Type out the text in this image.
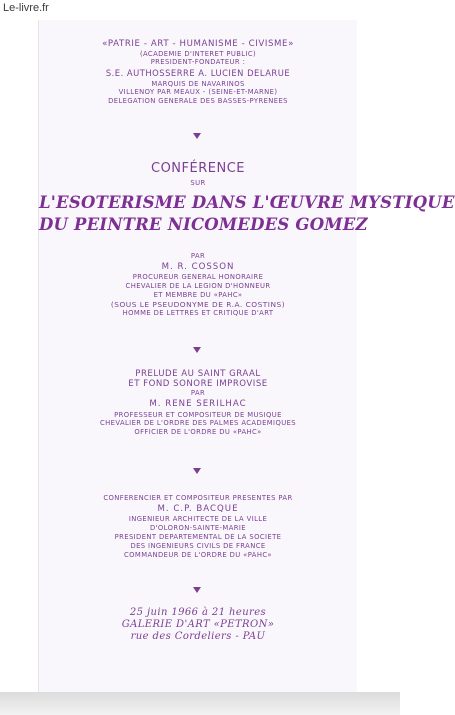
Le-livre.fr
«PATRIE - ART - HUMANISME - CIVISME»
(ACADEMIE D'INTERET PUBLIC)
PRESIDENT-FONDATEUR :
S.E. AUTHOSSERRE A. LUCIEN DELARUE
MARQUIS DE NAVARINOS
VILLENOY PAR MEAUX - (SEINE-ET-MARNE)
DELEGATION GENERALE DES BASSES-PYRENEES
CONFÉRENCE
SUR
L'ESOTERISME DANS L'ŒUVRE MYSTIQUE
DU PEINTRE NICOMEDES GOMEZ
PAR
M. R. COSSON
PROCUREUR GENERAL HONORAIRE
CHEVALIER DE LA LEGION D'HONNEUR
ET MEMBRE DU «PAHC»
(SOUS LE PSEUDONYME DE R.A. COSTINS)
HOMME DE LETTRES ET CRITIQUE D'ART
PRELUDE AU SAINT GRAAL
ET FOND SONORE IMPROVISE
PAR
M. RENE SERILHAC
PROFESSEUR ET COMPOSITEUR DE MUSIQUE
CHEVALIER DE L'ORDRE DES PALMES ACADEMIQUES
OFFICIER DE L'ORDRE DU «PAHC»
CONFERENCIER ET COMPOSITEUR PRESENTES PAR
M. C.P. BACQUE
INGENIEUR ARCHITECTE DE LA VILLE
D'OLORON-SAINTE-MARIE
PRESIDENT DEPARTEMENTAL DE LA SOCIETE
DES INGENIEURS CIVILS DE FRANCE
COMMANDEUR DE L'ORDRE DU «PAHC»
25 juin 1966 à 21 heures
GALERIE D'ART «PETRON»
rue des Cordeliers - PAU
